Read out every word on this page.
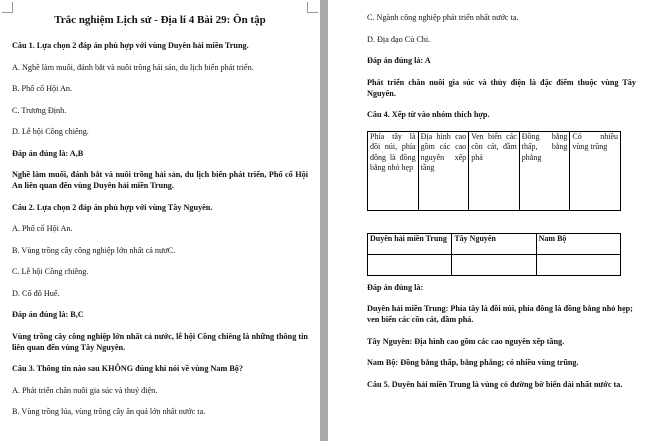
Trắc nghiệm Lịch sử - Địa lí 4 Bài 29: Ôn tập

Câu 1. Lựa chọn 2 đáp án phù hợp với vùng Duyên hải miền Trung.

A. Nghề làm muối, đánh bắt và nuôi trồng hải sản, du lịch biển phát triển.

B. Phố cổ Hội An.

C. Trương Định.

D. Lễ hội Cồng chiêng.

Đáp án đúng là: A,B

Nghề làm muối, đánh bắt và nuôi trồng hải sản, du lịch biển phát triển, Phố cổ Hội An liên quan đến vùng Duyên hải miền Trung.

Câu 2. Lựa chọn 2 đáp án phù hợp với vùng Tây Nguyên.

A. Phố cổ Hội An.

B. Vùng trồng cây công nghiệp lớn nhất cả nươC.

C. Lễ hội Cồng chiêng.

D. Cố đô Huế.

Đáp án đúng là: B,C

Vùng trồng cây công nghiệp lớn nhất cả nước, lễ hội Cồng chiêng là những thông tin liên quan đến vùng Tây Nguyên.

Câu 3. Thông tin nào sau KHÔNG đúng khi nói về vùng Nam Bộ?

A. Phát triển chăn nuôi gia súc và thuỷ điện.

B. Vùng trồng lúa, vùng trồng cây ăn quả lớn nhất nước ta.

C. Ngành công nghiệp phát triển nhất nước ta.

D. Địa đạo Củ Chi.

Đáp án đúng là: A

Phát triển chăn nuôi gia súc và thủy điện là đặc điểm thuộc vùng Tây Nguyên.

Câu 4. Xếp từ vào nhóm thích hợp.

Phía tây là đồi núi, phía đông là đồng bằng nhỏ hẹp	Địa hình cao gồm các cao nguyên xếp tầng	Ven biển các cồn cát, đầm phá	Đồng bằng thấp, bằng phẳng	Có nhiều vùng trũng
Duyên hải miền Trung	Tây Nguyên	Nam Bộ

Đáp án đúng là:

Duyên hải miền Trung: Phía tây là đồi núi, phía đông là đồng bằng nhỏ hẹp; ven biển các cồn cát, đầm phá.

Tây Nguyên: Địa hình cao gồm các cao nguyên xếp tầng.

Nam Bộ: Đồng bằng thấp, bằng phẳng; có nhiều vùng trũng.

Câu 5. Duyên hải miền Trung là vùng có đường bờ biển dài nhất nước ta.
